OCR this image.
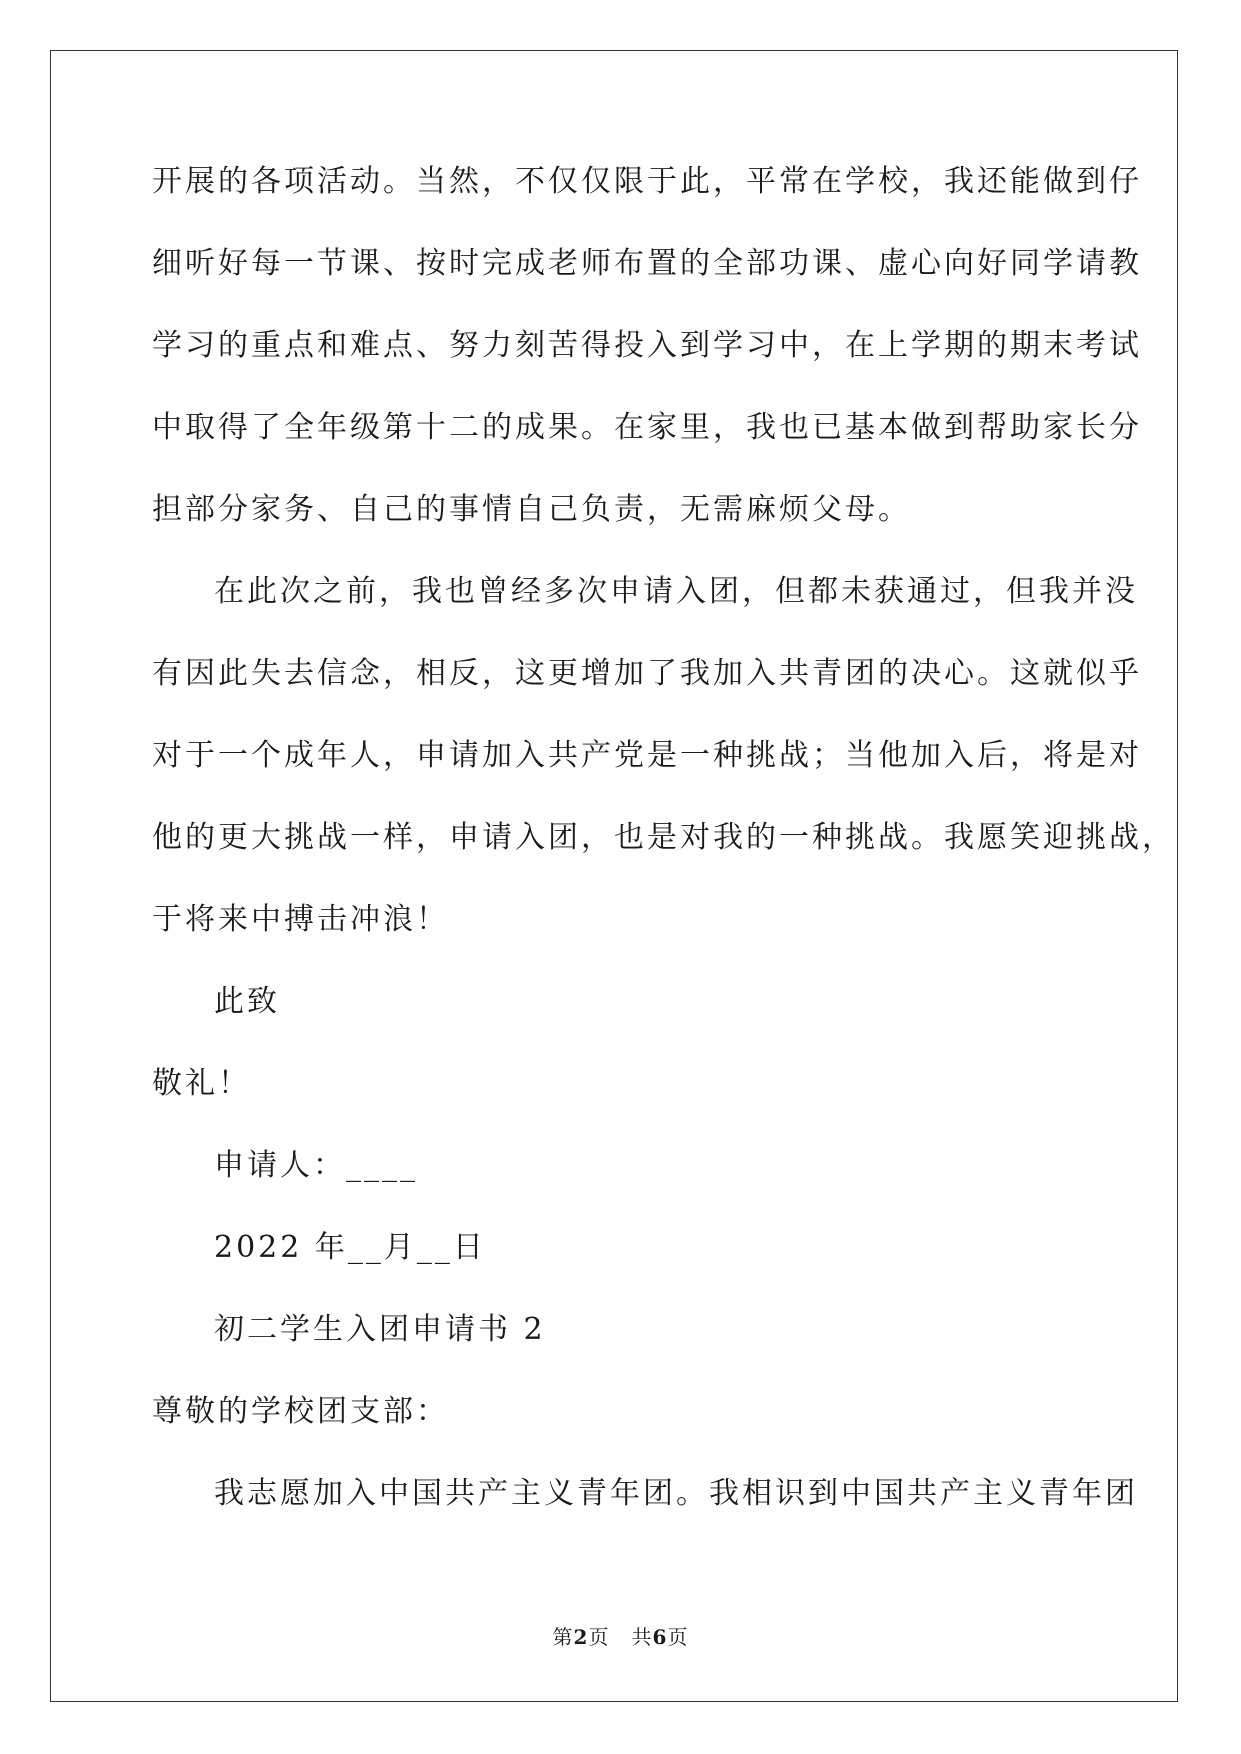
开展的各项活动。当然，不仅仅限于此，平常在学校，我还能做到仔
细听好每一节课、按时完成老师布置的全部功课、虚心向好同学请教
学习的重点和难点、努力刻苦得投入到学习中，在上学期的期末考试
中取得了全年级第十二的成果。在家里，我也已基本做到帮助家长分
担部分家务、自己的事情自己负责，无需麻烦父母。
在此次之前，我也曾经多次申请入团，但都未获通过，但我并没
有因此失去信念，相反，这更增加了我加入共青团的决心。这就似乎
对于一个成年人，申请加入共产党是一种挑战；当他加入后，将是对
他的更大挑战一样，申请入团，也是对我的一种挑战。我愿笑迎挑战，
于将来中搏击冲浪！
此致
敬礼！
申请人：____
2022 年__月__日
初二学生入团申请书 2
尊敬的学校团支部：
我志愿加入中国共产主义青年团。我相识到中国共产主义青年团
第2页 共6页
